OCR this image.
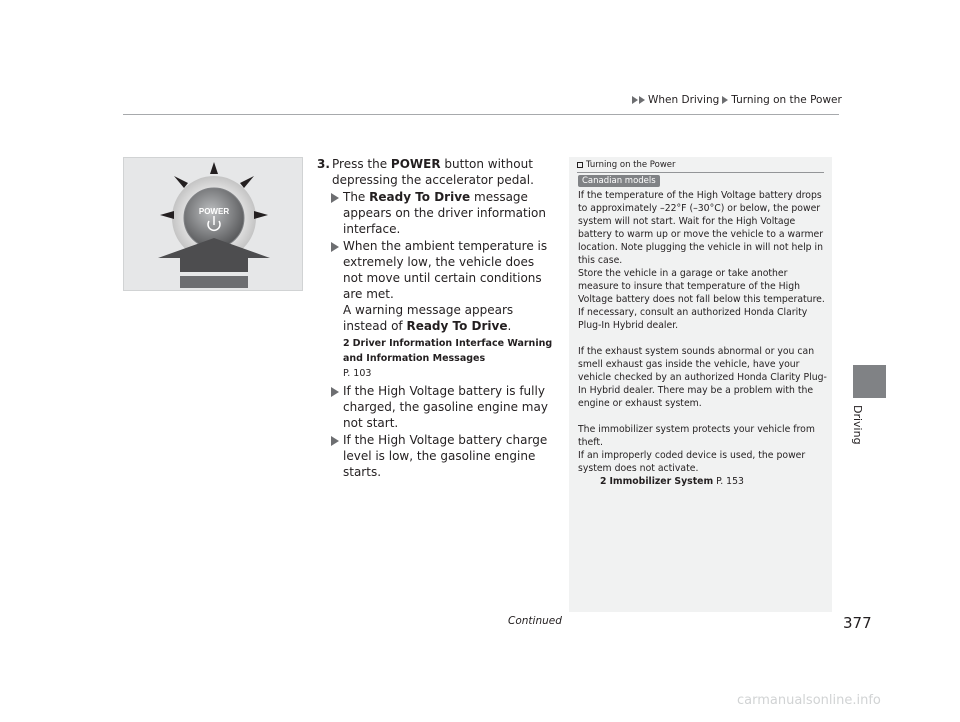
When Driving Turning on the Power
Driving
POWER
3. Press the POWER button without depressing the accelerator pedal.
The Ready To Drive message appears on the driver information interface.
When the ambient temperature is extremely low, the vehicle does not move until certain conditions are met.
A warning message appears instead of Ready To Drive.
2 Driver Information Interface Warning and Information Messages
P. 103
If the High Voltage battery is fully charged, the gasoline engine may not start.
If the High Voltage battery charge level is low, the gasoline engine starts.
Turning on the Power
Canadian models

If the temperature of the High Voltage battery drops to approximately –22°F (–30°C) or below, the power system will not start. Wait for the High Voltage battery to warm up or move the vehicle to a warmer location. Note plugging the vehicle in will not help in this case.

Store the vehicle in a garage or take another measure to insure that temperature of the High Voltage battery does not fall below this temperature. If necessary, consult an authorized Honda Clarity Plug-In Hybrid dealer.

If the exhaust system sounds abnormal or you can smell exhaust gas inside the vehicle, have your vehicle checked by an authorized Honda Clarity Plug-In Hybrid dealer. There may be a problem with the engine or exhaust system.

The immobilizer system protects your vehicle from theft.

If an improperly coded device is used, the power system does not activate.

2 Immobilizer System P. 153

Continued	377
carmanualsonline.info
